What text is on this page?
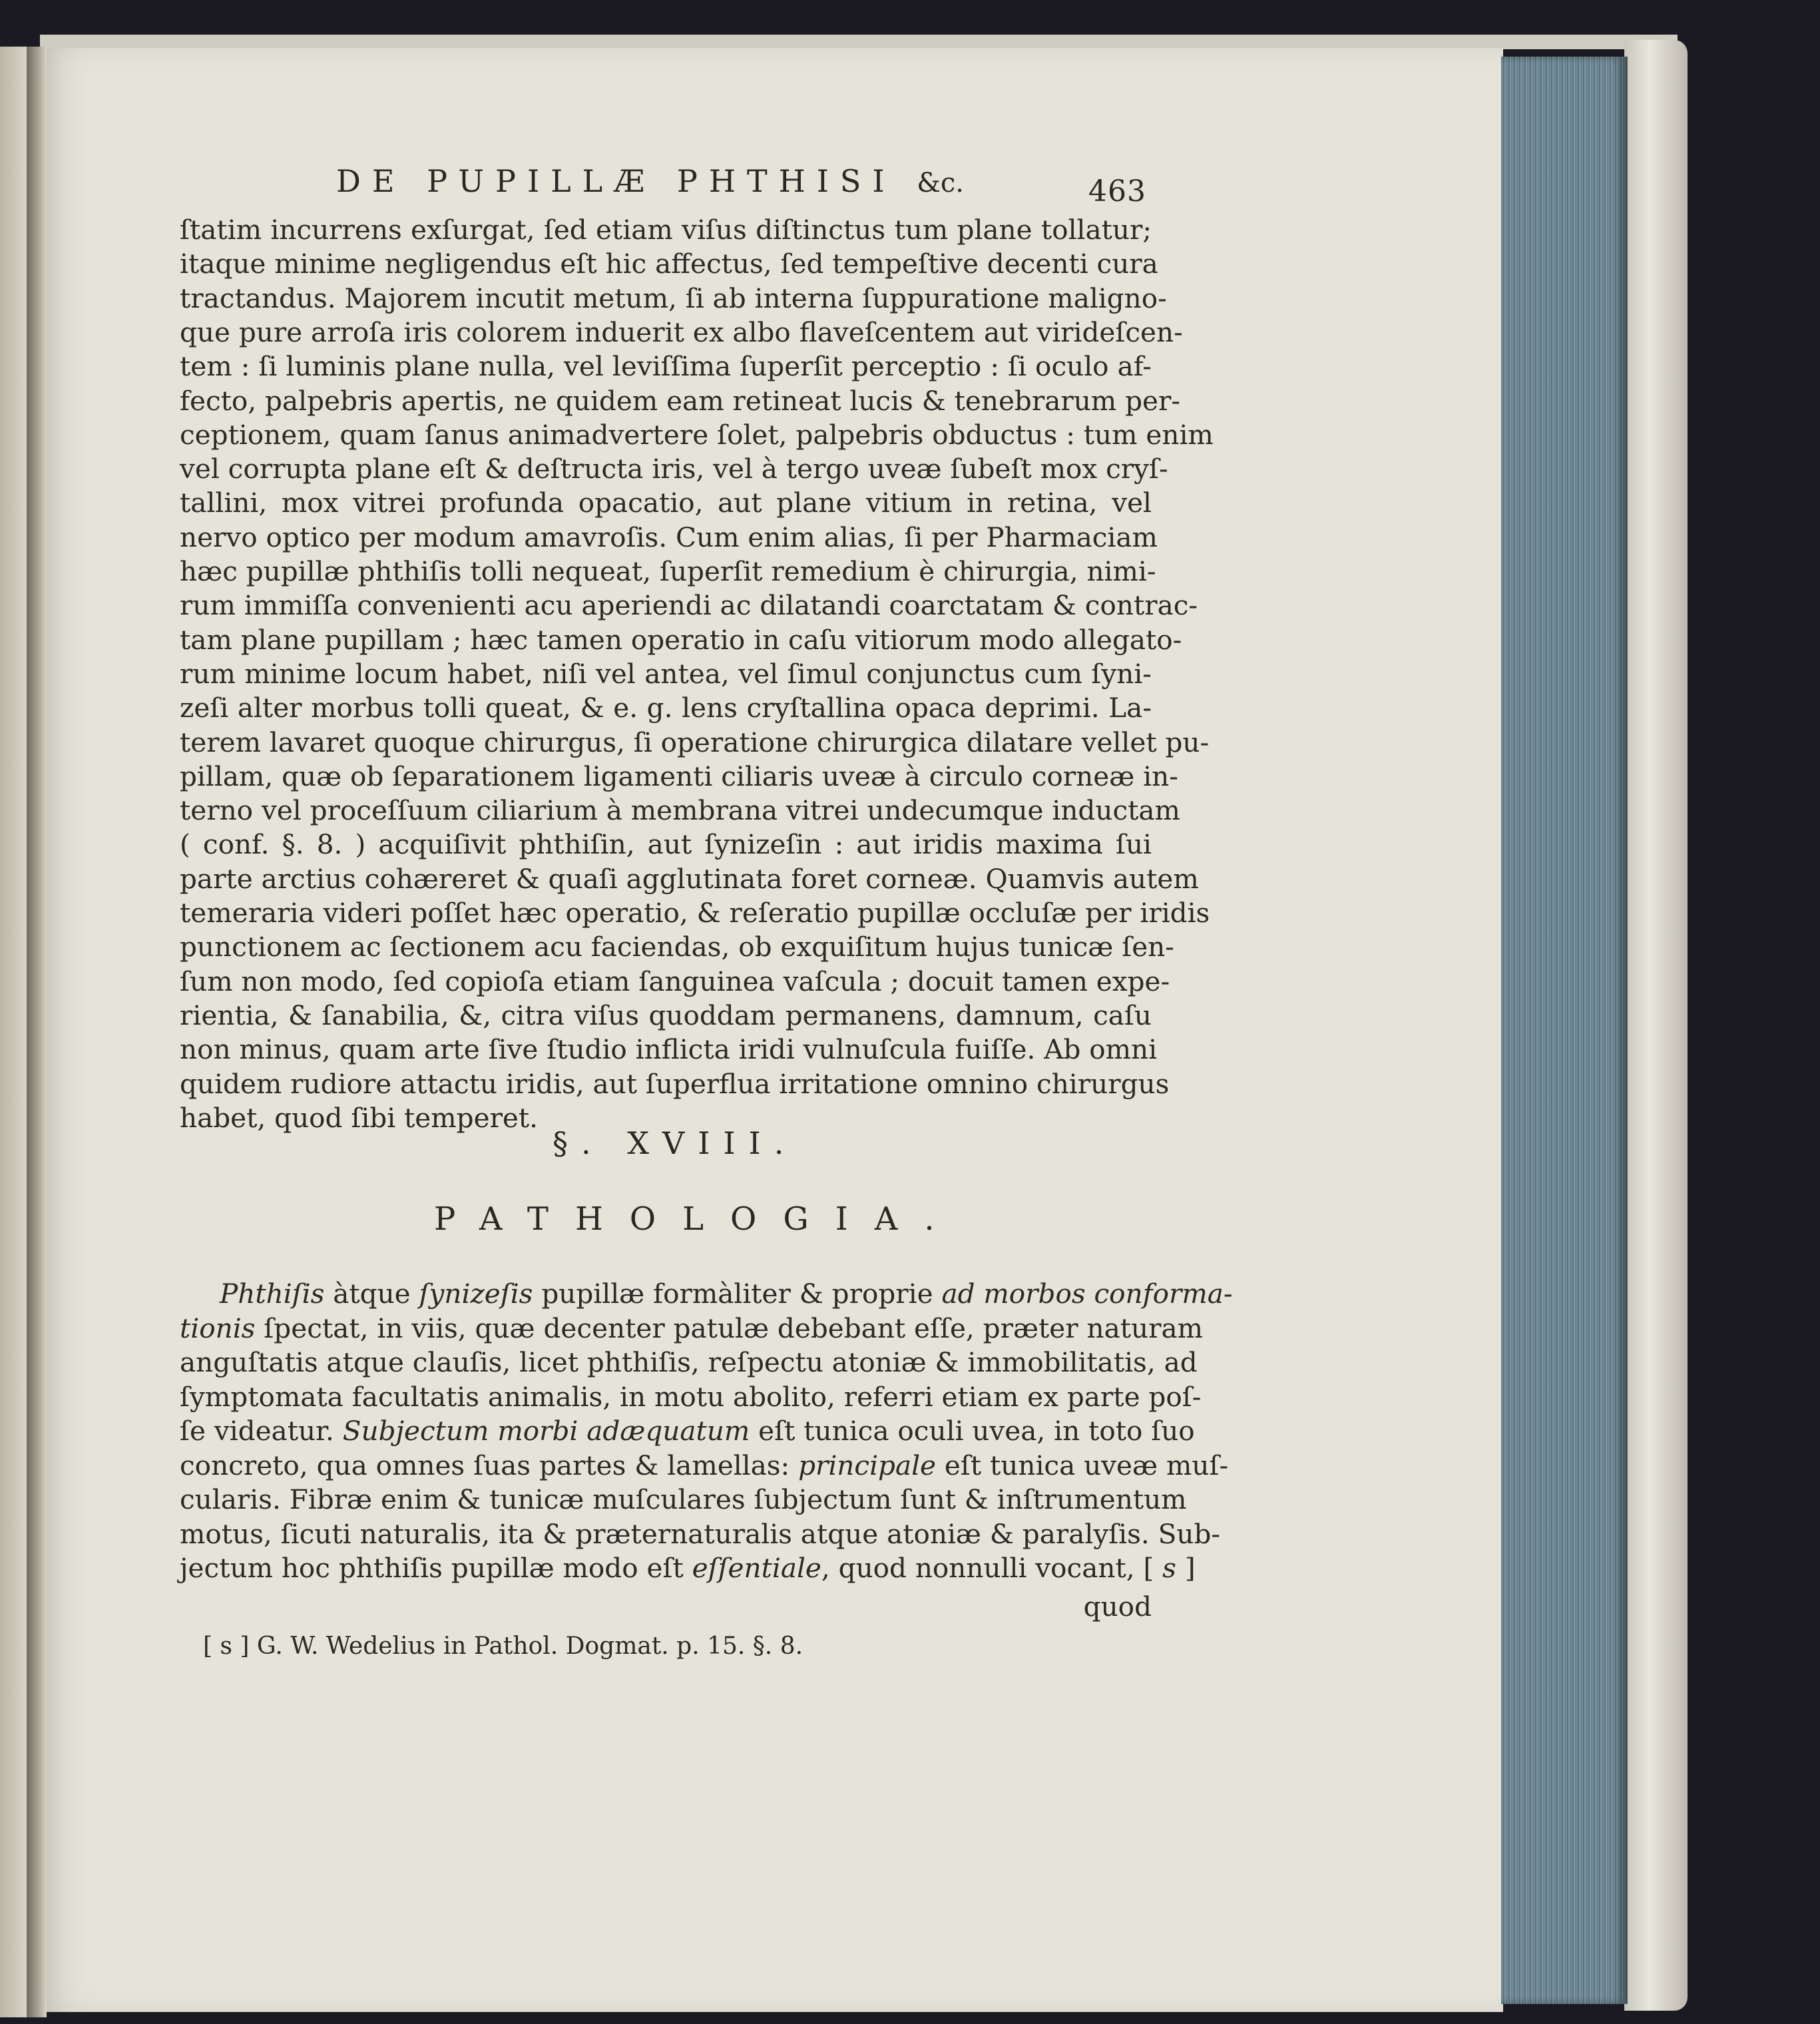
DE PUPILLÆ PHTHISI &c.	463
ſtatim incurrens exſurgat, ſed etiam viſus diſtinctus tum plane tollatur;
itaque minime negligendus eſt hic affectus, ſed tempeſtive decenti cura
tractandus. Majorem incutit metum, ſi ab interna ſuppuratione maligno-
que pure arroſa iris colorem induerit ex albo flaveſcentem aut virideſcen-
tem : ſi luminis plane nulla, vel leviſſima ſuperſit perceptio : ſi oculo af-
fecto, palpebris apertis, ne quidem eam retineat lucis & tenebrarum per-
ceptionem, quam ſanus animadvertere ſolet, palpebris obductus : tum enim
vel corrupta plane eſt & deſtructa iris, vel à tergo uveæ ſubeſt mox cryſ-
tallini, mox vitrei profunda opacatio, aut plane vitium in retina, vel
nervo optico per modum amavroſis. Cum enim alias, ſi per Pharmaciam
hæc pupillæ phthiſis tolli nequeat, ſuperſit remedium è chirurgia, nimi-
rum immiſſa convenienti acu aperiendi ac dilatandi coarctatam & contrac-
tam plane pupillam ; hæc tamen operatio in caſu vitiorum modo allegato-
rum minime locum habet, niſi vel antea, vel ſimul conjunctus cum ſyni-
zeſi alter morbus tolli queat, & e. g. lens cryſtallina opaca deprimi. La-
terem lavaret quoque chirurgus, ſi operatione chirurgica dilatare vellet pu-
pillam, quæ ob ſeparationem ligamenti ciliaris uveæ à circulo corneæ in-
terno vel proceſſuum ciliarium à membrana vitrei undecumque inductam
( conf. §. 8. ) acquiſivit phthiſin, aut ſynizeſin : aut iridis maxima ſui
parte arctius cohæreret & quaſi agglutinata foret corneæ. Quamvis autem
temeraria videri poſſet hæc operatio, & reſeratio pupillæ occluſæ per iridis
punctionem ac ſectionem acu faciendas, ob exquiſitum hujus tunicæ ſen-
ſum non modo, ſed copioſa etiam ſanguinea vaſcula ; docuit tamen expe-
rientia, & ſanabilia, &, citra viſus quoddam permanens, damnum, caſu
non minus, quam arte ſive ſtudio inflicta iridi vulnuſcula fuiſſe. Ab omni
quidem rudiore attactu iridis, aut ſuperflua irritatione omnino chirurgus
habet, quod ſibi temperet.
§. XVIII.
PATHOLOGIA.
Phthiſis àtque ſynizeſis pupillæ formàliter & proprie ad morbos conforma-
tionis ſpectat, in viis, quæ decenter patulæ debebant eſſe, præter naturam
anguſtatis atque clauſis, licet phthiſis, reſpectu atoniæ & immobilitatis, ad
ſymptomata facultatis animalis, in motu abolito, referri etiam ex parte poſ-
ſe videatur. Subjectum morbi adæquatum eſt tunica oculi uvea, in toto ſuo
concreto, qua omnes ſuas partes & lamellas: principale eſt tunica uveæ muſ-
cularis. Fibræ enim & tunicæ muſculares ſubjectum ſunt & inſtrumentum
motus, ſicuti naturalis, ita & præternaturalis atque atoniæ & paralyſis. Sub-
jectum hoc phthiſis pupillæ modo eſt eſſentiale, quod nonnulli vocant, [ s ]
quod
[ s ] G. W. Wedelius in Pathol. Dogmat. p. 15. §. 8.
